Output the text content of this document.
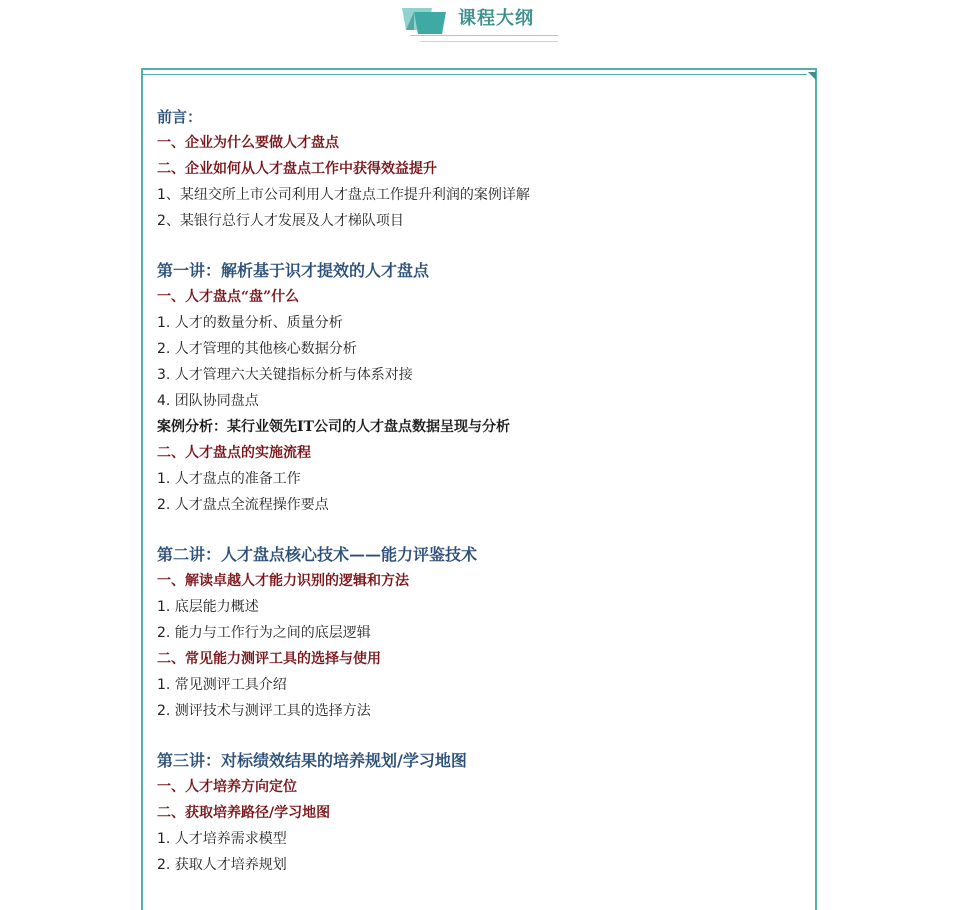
课程大纲
前言：
一、企业为什么要做人才盘点
二、企业如何从人才盘点工作中获得效益提升
1、某纽交所上市公司利用人才盘点工作提升利润的案例详解
2、某银行总行人才发展及人才梯队项目
第一讲：解析基于识才提效的人才盘点
一、人才盘点“盘”什么
1. 人才的数量分析、质量分析
2. 人才管理的其他核心数据分析
3. 人才管理六大关键指标分析与体系对接
4. 团队协同盘点
案例分析：某行业领先IT公司的人才盘点数据呈现与分析
二、人才盘点的实施流程
1. 人才盘点的准备工作
2. 人才盘点全流程操作要点
第二讲：人才盘点核心技术——能力评鉴技术
一、解读卓越人才能力识别的逻辑和方法
1. 底层能力概述
2. 能力与工作行为之间的底层逻辑
二、常见能力测评工具的选择与使用
1. 常见测评工具介绍
2. 测评技术与测评工具的选择方法
第三讲：对标绩效结果的培养规划/学习地图
一、人才培养方向定位
二、获取培养路径/学习地图
1. 人才培养需求模型
2. 获取人才培养规划
